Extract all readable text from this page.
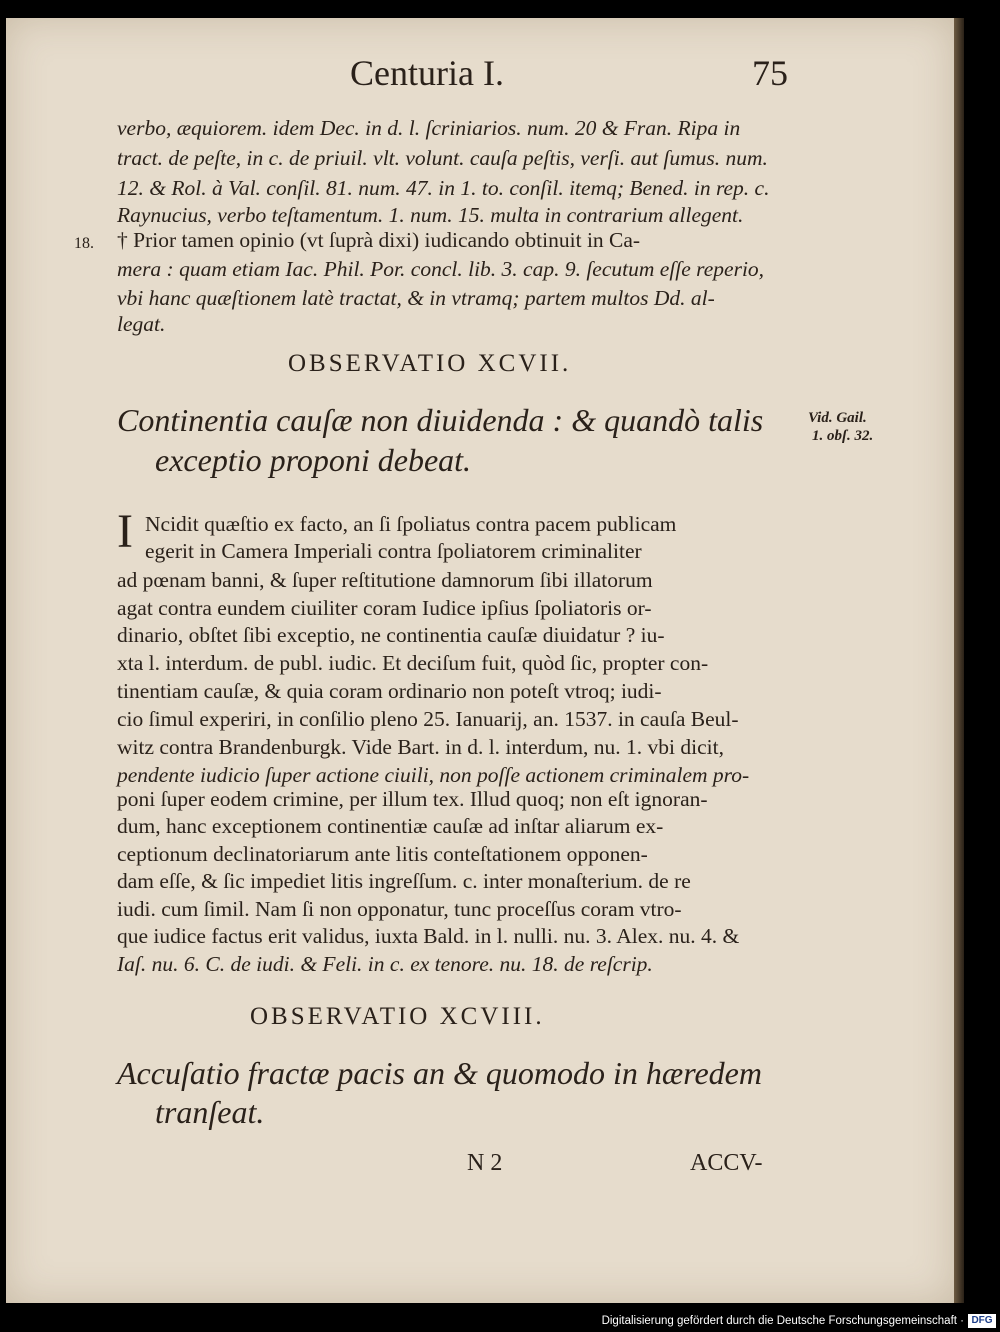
Centuria I.	75

verbo, æquiorem. idem Dec. in d. l. ſcriniarios. num. 20 & Fran. Ripa in

tract. de peſte, in c. de priuil. vlt. volunt. cauſa peſtis, verſi. aut ſumus. num.

12. & Rol. à Val. conſil. 81. num. 47. in 1. to. conſil. itemq; Bened. in rep. c.

Raynucius, verbo teſtamentum. 1. num. 15. multa in contrarium allegent.

18. † Prior tamen opinio (vt ſuprà dixi) iudicando obtinuit in Ca-

mera : quam etiam Iac. Phil. Por. concl. lib. 3. cap. 9. ſecutum eſſe reperio,

vbi hanc quæſtionem latè tractat, & in vtramq; partem multos Dd. al-

legat.

OBSERVATIO XCVII.

Continentia cauſæ non diuidenda : & quandò talis

exceptio proponi debeat.

Vid. Gail.

1. obſ. 32.

I Ncidit quæſtio ex facto, an ſi ſpoliatus contra pacem publicam

egerit in Camera Imperiali contra ſpoliatorem criminaliter

ad pœnam banni, & ſuper reſtitutione damnorum ſibi illatorum

agat contra eundem ciuiliter coram Iudice ipſius ſpoliatoris or-

dinario, obſtet ſibi exceptio, ne continentia cauſæ diuidatur ? iu-

xta l. interdum. de publ. iudic. Et deciſum fuit, quòd ſic, propter con-

tinentiam cauſæ, & quia coram ordinario non poteſt vtroq; iudi-

cio ſimul experiri, in conſilio pleno 25. Ianuarij, an. 1537. in cauſa Beul-

witz contra Brandenburgk. Vide Bart. in d. l. interdum, nu. 1. vbi dicit,

pendente iudicio ſuper actione ciuili, non poſſe actionem criminalem pro-

poni ſuper eodem crimine, per illum tex. Illud quoq; non eſt ignoran-

dum, hanc exceptionem continentiæ cauſæ ad inſtar aliarum ex-

ceptionum declinatoriarum ante litis conteſtationem opponen-

dam eſſe, & ſic impediet litis ingreſſum. c. inter monaſterium. de re

iudi. cum ſimil. Nam ſi non opponatur, tunc proceſſus coram vtro-

que iudice factus erit validus, iuxta Bald. in l. nulli. nu. 3. Alex. nu. 4. &

Iaſ. nu. 6. C. de iudi. & Feli. in c. ex tenore. nu. 18. de reſcrip.

OBSERVATIO XCVIII.

Accuſatio fractæ pacis an & quomodo in hæredem

tranſeat.

N 2	ACCV-

Digitalisierung gefördert durch die Deutsche Forschungsgemeinschaft · DFG
